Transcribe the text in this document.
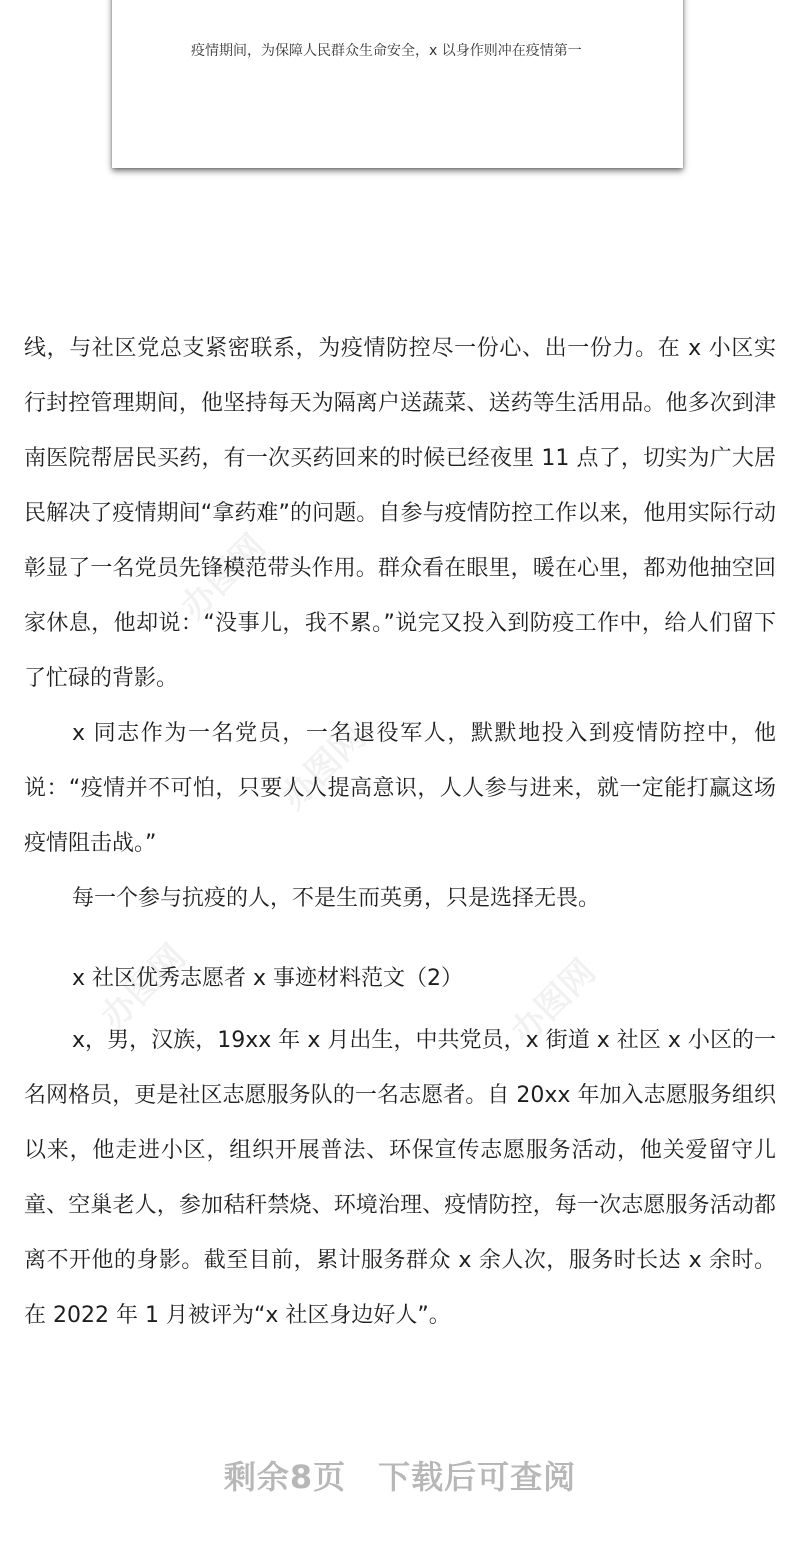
疫情期间，为保障人民群众生命安全，x 以身作则冲在疫情第一

线，与社区党总支紧密联系，为疫情防控尽一份心、出一份力。在 x 小区实行封控管理期间，他坚持每天为隔离户送蔬菜、送药等生活用品。他多次到津南医院帮居民买药，有一次买药回来的时候已经夜里 11 点了，切实为广大居民解决了疫情期间“拿药难”的问题。自参与疫情防控工作以来，他用实际行动彰显了一名党员先锋模范带头作用。群众看在眼里，暖在心里，都劝他抽空回家休息，他却说：“没事儿，我不累。”说完又投入到防疫工作中，给人们留下了忙碌的背影。

x 同志作为一名党员，一名退役军人，默默地投入到疫情防控中，他说：“疫情并不可怕，只要人人提高意识，人人参与进来，就一定能打赢这场疫情阻击战。”

每一个参与抗疫的人，不是生而英勇，只是选择无畏。

x 社区优秀志愿者 x 事迹材料范文（2）

x，男，汉族，19xx 年 x 月出生，中共党员，x 街道 x 社区 x 小区的一名网格员，更是社区志愿服务队的一名志愿者。自 20xx 年加入志愿服务组织以来，他走进小区，组织开展普法、环保宣传志愿服务活动，他关爱留守儿童、空巢老人，参加秸秆禁烧、环境治理、疫情防控，每一次志愿服务活动都离不开他的身影。截至目前，累计服务群众 x 余人次，服务时长达 x 余时。在 2022 年 1 月被评为“x 社区身边好人”。

办图网
办图网
办图网	办图网
剩余8页 下载后可查阅
